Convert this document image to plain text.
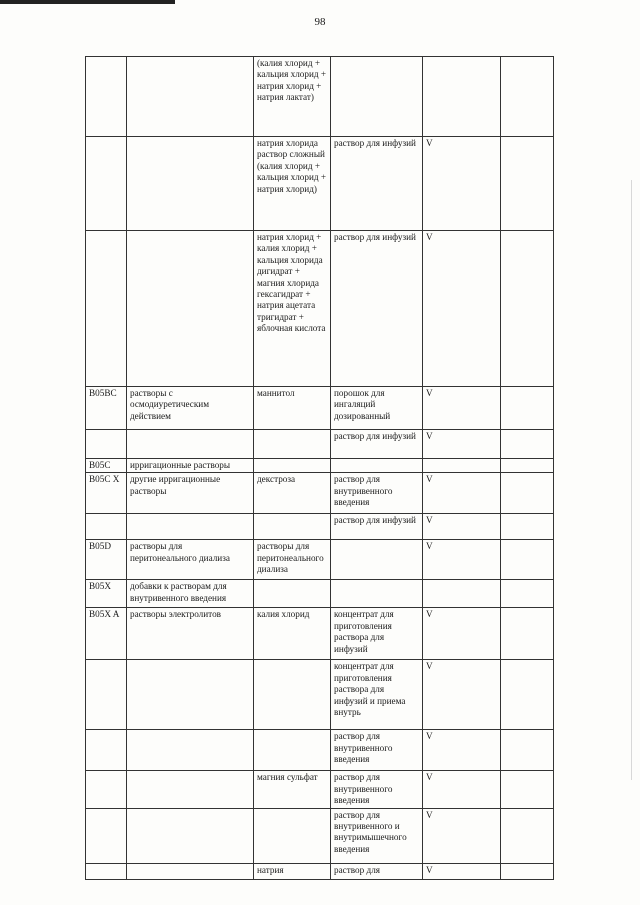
98
		(калия хлорид + кальция хлорид + натрия хлорид + натрия лактат)			
		натрия хлорида раствор сложный (калия хлорид + кальция хлорид + натрия хлорид)	раствор для инфузий	V	
		натрия хлорид + калия хлорид + кальция хлорида дигидрат + магния хлорида гексагидрат + натрия ацетата тригидрат + яблочная кислота	раствор для инфузий	V	
B05BC	растворы с осмодиуретическим действием	маннитол	порошок для ингаляций дозированный	V	
			раствор для инфузий	V	
B05C	ирригационные растворы				
B05C X	другие ирригационные растворы	декстроза	раствор для внутривенного введения	V	
			раствор для инфузий	V	
B05D	растворы для перитонеального диализа	растворы для перитонеального диализа		V	
B05X	добавки к растворам для внутривенного введения				
B05X A	растворы электролитов	калия хлорид	концентрат для приготовления раствора для инфузий	V	
			концентрат для приготовления раствора для инфузий и приема внутрь	V	
			раствор для внутривенного введения	V	
		магния сульфат	раствор для внутривенного введения	V	
			раствор для внутривенного и внутримышечного введения	V	
		натрия	раствор для	V	
